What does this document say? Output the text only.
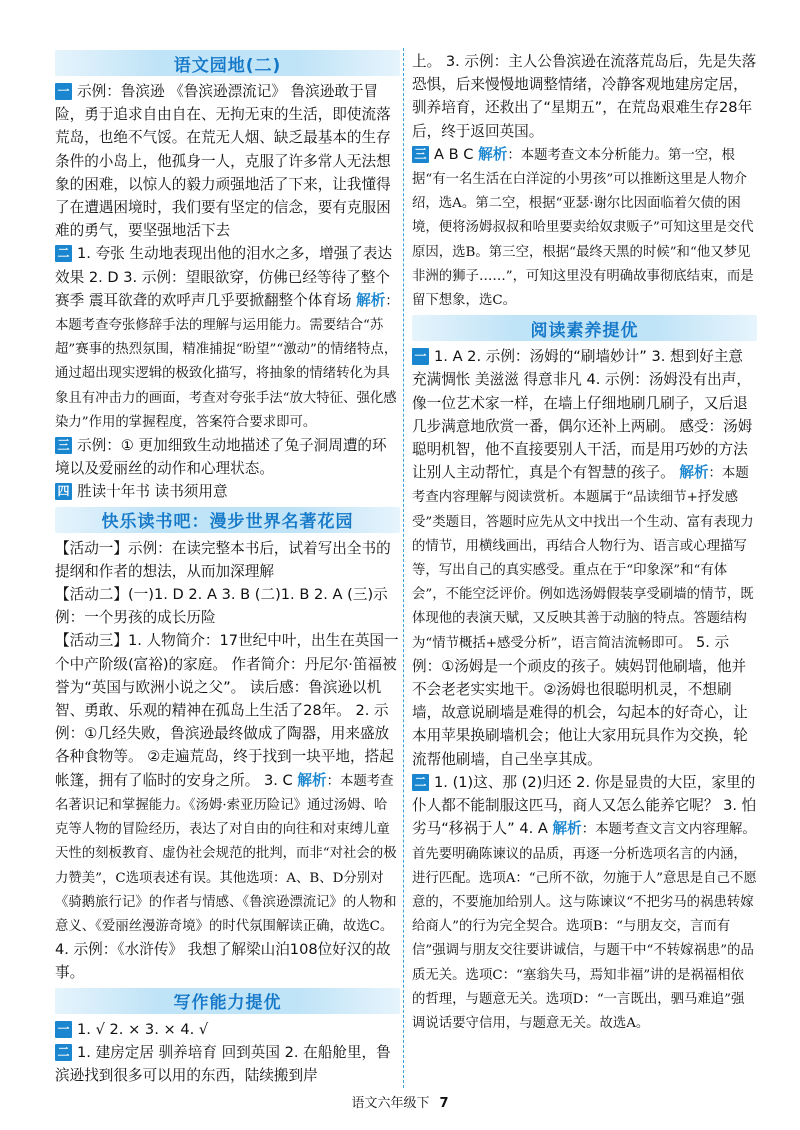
语文园地(二)

一 示例：鲁滨逊 《鲁滨逊漂流记》 鲁滨逊敢于冒险，勇于追求自由自在、无拘无束的生活，即使流落荒岛，也绝不气馁。在荒无人烟、缺乏最基本的生存条件的小岛上，他孤身一人，克服了许多常人无法想象的困难，以惊人的毅力顽强地活了下来，让我懂得了在遭遇困境时，我们要有坚定的信念，要有克服困难的勇气，要坚强地活下去

二 1. 夸张 生动地表现出他的泪水之多，增强了表达效果 2. D 3. 示例：望眼欲穿，仿佛已经等待了整个赛季 震耳欲聋的欢呼声几乎要掀翻整个体育场 解析：本题考查夸张修辞手法的理解与运用能力。需要结合“苏超”赛事的热烈氛围，精准捕捉“盼望”“激动”的情绪特点，通过超出现实逻辑的极致化描写，将抽象的情绪转化为具象且有冲击力的画面，考查对夸张手法“放大特征、强化感染力”作用的掌握程度，答案符合要求即可。

三 示例：① 更加细致生动地描述了兔子洞周遭的环境以及爱丽丝的动作和心理状态。

四 胜读十年书 读书须用意

快乐读书吧：漫步世界名著花园

【活动一】示例：在读完整本书后，试着写出全书的提纲和作者的想法，从而加深理解

【活动二】(一)1. D 2. A 3. B (二)1. B 2. A (三)示例：一个男孩的成长历险

【活动三】1. 人物简介：17世纪中叶，出生在英国一个中产阶级(富裕)的家庭。 作者简介：丹尼尔·笛福被誉为“英国与欧洲小说之父”。 读后感：鲁滨逊以机智、勇敢、乐观的精神在孤岛上生活了28年。 2. 示例：①几经失败，鲁滨逊最终做成了陶器，用来盛放各种食物等。 ②走遍荒岛，终于找到一块平地，搭起帐篷，拥有了临时的安身之所。 3. C 解析：本题考查名著识记和掌握能力。《汤姆·索亚历险记》通过汤姆、哈克等人物的冒险经历，表达了对自由的向往和对束缚儿童天性的刻板教育、虚伪社会规范的批判，而非“对社会的极力赞美”，C选项表述有误。其他选项：A、B、D分别对《骑鹅旅行记》的作者与情感、《鲁滨逊漂流记》的人物和意义、《爱丽丝漫游奇境》的时代氛围解读正确，故选C。 4. 示例：《水浒传》 我想了解梁山泊108位好汉的故事。

写作能力提优

一 1. √ 2. × 3. × 4. √

二 1. 建房定居 驯养培育 回到英国 2. 在船舱里，鲁滨逊找到很多可以用的东西，陆续搬到岸

上。 3. 示例：主人公鲁滨逊在流落荒岛后，先是失落恐惧，后来慢慢地调整情绪，冷静客观地建房定居，驯养培育，还救出了“星期五”，在荒岛艰难生存28年后，终于返回英国。

三 A B C 解析：本题考查文本分析能力。第一空，根据“有一名生活在白洋淀的小男孩”可以推断这里是人物介绍，选A。第二空，根据“亚瑟·谢尔比因面临着欠债的困境，便将汤姆叔叔和哈里要卖给奴隶贩子”可知这里是交代原因，选B。第三空，根据“最终天黑的时候”和“他又梦见非洲的狮子……”，可知这里没有明确故事彻底结束，而是留下想象，选C。

阅读素养提优

一 1. A 2. 示例：汤姆的“刷墙妙计” 3. 想到好主意 充满惆怅 美滋滋 得意非凡 4. 示例：汤姆没有出声，像一位艺术家一样，在墙上仔细地刷几刷子，又后退几步满意地欣赏一番，偶尔还补上两刷。 感受：汤姆聪明机智，他不直接要别人干活，而是用巧妙的方法让别人主动帮忙，真是个有智慧的孩子。 解析：本题考查内容理解与阅读赏析。本题属于“品读细节+抒发感受”类题目，答题时应先从文中找出一个生动、富有表现力的情节，用横线画出，再结合人物行为、语言或心理描写等，写出自己的真实感受。重点在于“印象深”和“有体会”，不能空泛评价。例如选汤姆假装享受刷墙的情节，既体现他的表演天赋，又反映其善于动脑的特点。答题结构为“情节概括+感受分析”，语言简洁流畅即可。 5. 示例：①汤姆是一个顽皮的孩子。姨妈罚他刷墙，他并不会老老实实地干。②汤姆也很聪明机灵，不想刷墙，故意说刷墙是难得的机会，勾起本的好奇心，让本用苹果换刷墙机会；他让大家用玩具作为交换，轮流帮他刷墙，自己坐享其成。

二 1. (1)这、那 (2)归还 2. 你是显贵的大臣，家里的仆人都不能制服这匹马，商人又怎么能养它呢？ 3. 怕劣马“移祸于人” 4. A 解析：本题考查文言文内容理解。首先要明确陈谏议的品质，再逐一分析选项名言的内涵，进行匹配。选项A：“己所不欲，勿施于人”意思是自己不愿意的，不要施加给别人。这与陈谏议“不把劣马的祸患转嫁给商人”的行为完全契合。选项B：“与朋友交，言而有信”强调与朋友交往要讲诚信，与题干中“不转嫁祸患”的品质无关。选项C：“塞翁失马，焉知非福”讲的是祸福相依的哲理，与题意无关。选项D：“一言既出，驷马难追”强调说话要守信用，与题意无关。故选A。

语文六年级下 7
